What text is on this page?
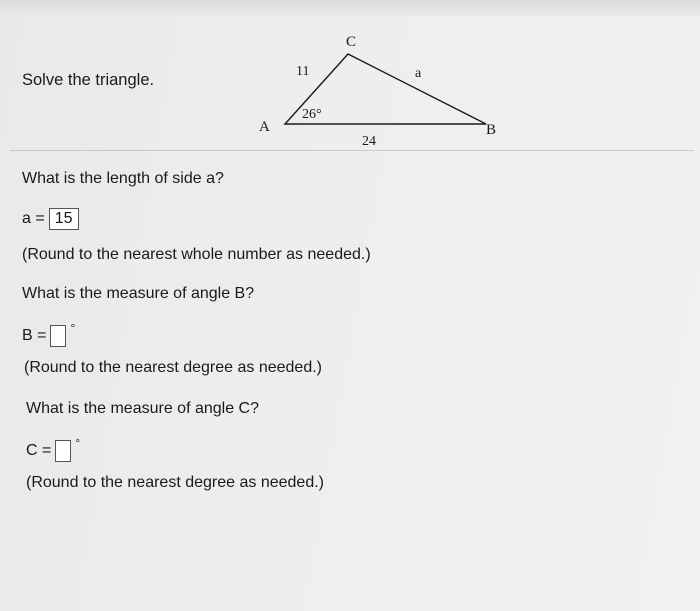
Solve the triangle.
C
A	B
11	a
24
26°
What is the length of side a?
a = 15
(Round to the nearest whole number as needed.)
What is the measure of angle B?
B = °
(Round to the nearest degree as needed.)
What is the measure of angle C?
C = °
(Round to the nearest degree as needed.)
